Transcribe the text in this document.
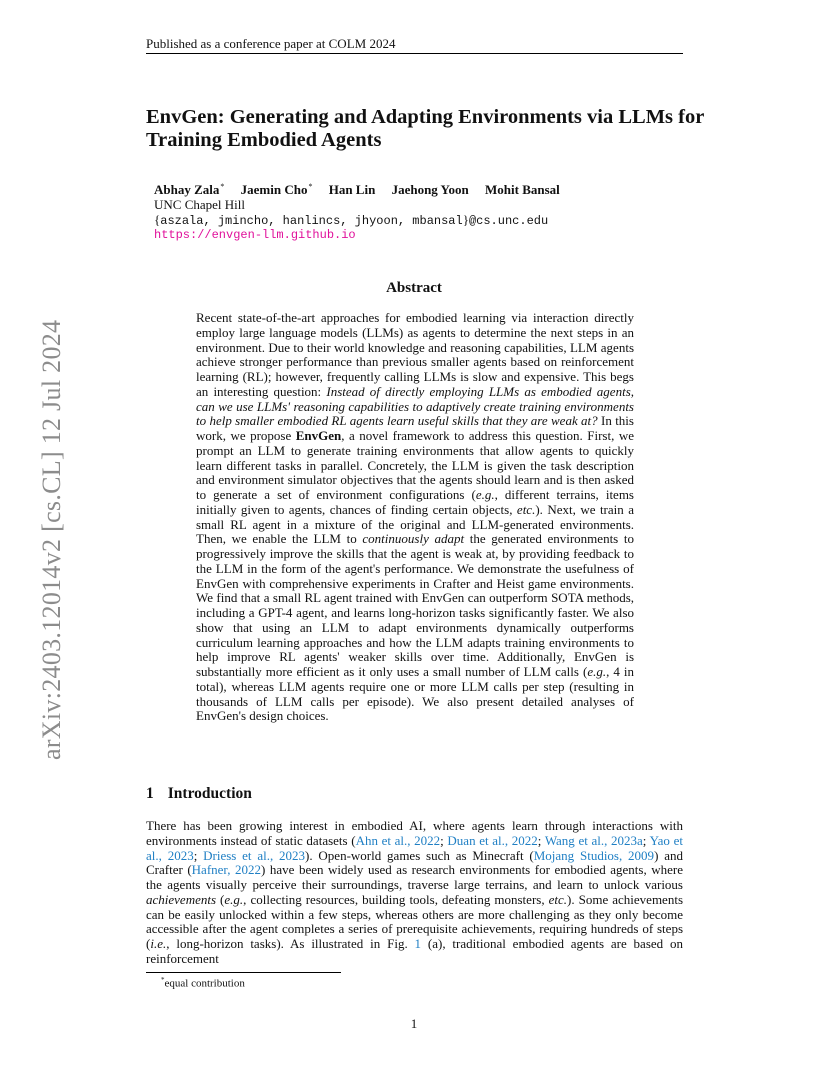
Published as a conference paper at COLM 2024
arXiv:2403.12014v2 [cs.CL] 12 Jul 2024
EnvGen: Generating and Adapting Environments via LLMs for Training Embodied Agents
Abhay Zala* Jaemin Cho* Han Lin Jaehong Yoon Mohit Bansal
UNC Chapel Hill
{aszala, jmincho, hanlincs, jhyoon, mbansal}@cs.unc.edu
https://envgen-llm.github.io
Abstract
Recent state-of-the-art approaches for embodied learning via interaction directly employ large language models (LLMs) as agents to determine the next steps in an environment. Due to their world knowledge and reasoning capabilities, LLM agents achieve stronger performance than previous smaller agents based on reinforcement learning (RL); however, frequently calling LLMs is slow and expensive. This begs an interesting question: Instead of directly employing LLMs as embodied agents, can we use LLMs' reasoning capabilities to adaptively create training environments to help smaller embodied RL agents learn useful skills that they are weak at? In this work, we propose EnvGen, a novel framework to address this question. First, we prompt an LLM to generate training environments that allow agents to quickly learn different tasks in parallel. Concretely, the LLM is given the task description and environment simulator objectives that the agents should learn and is then asked to generate a set of environment configurations (e.g., different terrains, items initially given to agents, chances of finding certain objects, etc.). Next, we train a small RL agent in a mixture of the original and LLM-generated environments. Then, we enable the LLM to continuously adapt the generated environments to progressively improve the skills that the agent is weak at, by providing feedback to the LLM in the form of the agent's performance. We demonstrate the usefulness of EnvGen with comprehensive experiments in Crafter and Heist game environments. We find that a small RL agent trained with EnvGen can outperform SOTA methods, including a GPT-4 agent, and learns long-horizon tasks significantly faster. We also show that using an LLM to adapt environments dynamically outperforms curriculum learning approaches and how the LLM adapts training environments to help improve RL agents' weaker skills over time. Additionally, EnvGen is substantially more efficient as it only uses a small number of LLM calls (e.g., 4 in total), whereas LLM agents require one or more LLM calls per step (resulting in thousands of LLM calls per episode). We also present detailed analyses of EnvGen's design choices.
1 Introduction
There has been growing interest in embodied AI, where agents learn through interactions with environments instead of static datasets (Ahn et al., 2022; Duan et al., 2022; Wang et al., 2023a; Yao et al., 2023; Driess et al., 2023). Open-world games such as Minecraft (Mojang Studios, 2009) and Crafter (Hafner, 2022) have been widely used as research environments for embodied agents, where the agents visually perceive their surroundings, traverse large terrains, and learn to unlock various achievements (e.g., collecting resources, building tools, defeating monsters, etc.). Some achievements can be easily unlocked within a few steps, whereas others are more challenging as they only become accessible after the agent completes a series of prerequisite achievements, requiring hundreds of steps (i.e., long-horizon tasks). As illustrated in Fig. 1 (a), traditional embodied agents are based on reinforcement
*equal contribution
1
